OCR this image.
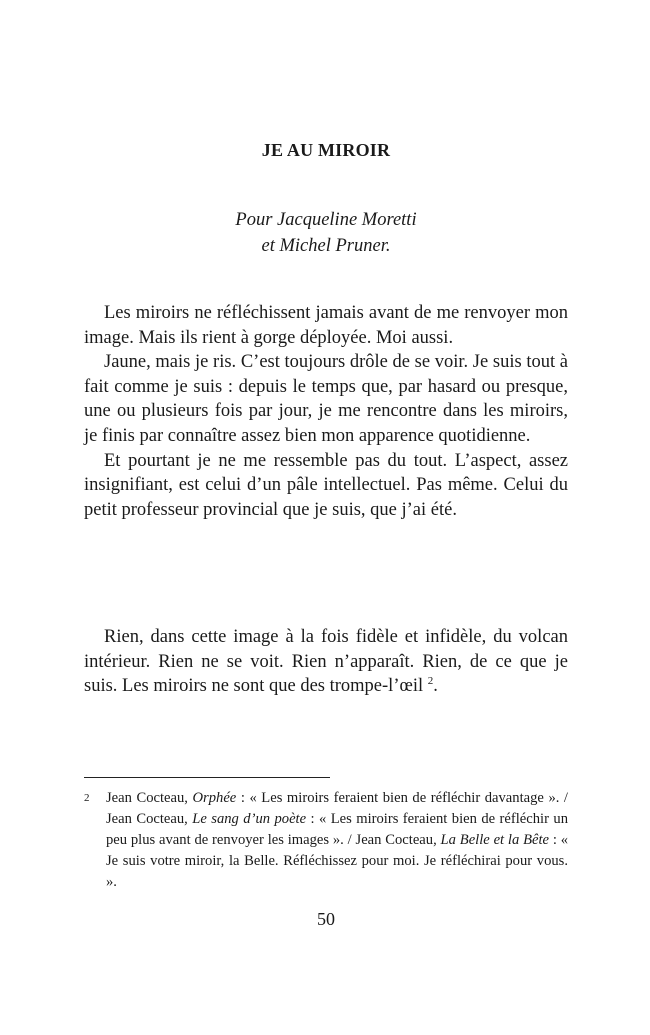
JE AU MIROIR
Pour Jacqueline Moretti
et Michel Pruner.

Les miroirs ne réfléchissent jamais avant de me renvoyer mon image. Mais ils rient à gorge déployée. Moi aussi.

Jaune, mais je ris. C’est toujours drôle de se voir. Je suis tout à fait comme je suis : depuis le temps que, par hasard ou presque, une ou plusieurs fois par jour, je me rencontre dans les miroirs, je finis par connaître assez bien mon apparence quotidienne.

Et pourtant je ne me ressemble pas du tout. L’aspect, assez insignifiant, est celui d’un pâle intellectuel. Pas même. Celui du petit professeur provincial que je suis, que j’ai été.

Rien, dans cette image à la fois fidèle et infidèle, du volcan intérieur. Rien ne se voit. Rien n’apparaît. Rien, de ce que je suis. Les miroirs ne sont que des trompe-l’œil $^2$.

2 Jean Cocteau, Orphée : « Les miroirs feraient bien de réfléchir davantage ». / Jean Cocteau, Le sang d’un poète : « Les miroirs feraient bien de réfléchir un peu plus avant de renvoyer les images ». / Jean Cocteau, La Belle et la Bête : « Je suis votre miroir, la Belle. Réfléchissez pour moi. Je réfléchirai pour vous. ».
50
